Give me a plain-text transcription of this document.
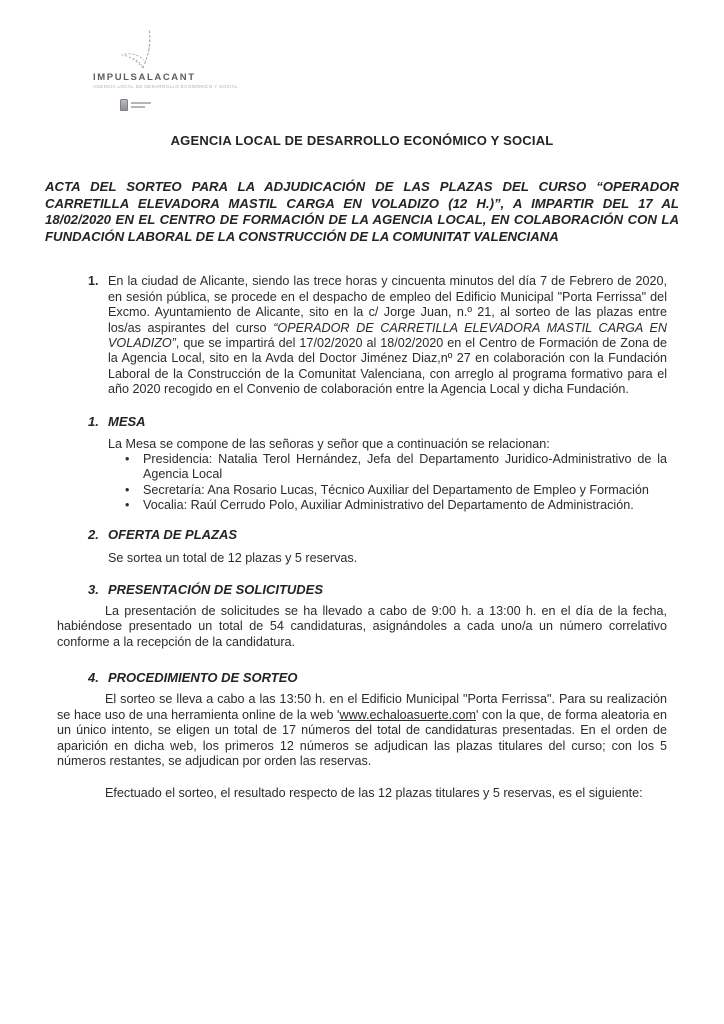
IMPULSALACANT
AGENCIA LOCAL DE DESARROLLO ECONÓMICO Y SOCIAL
AGENCIA LOCAL DE DESARROLLO ECONÓMICO Y SOCIAL

ACTA DEL SORTEO PARA LA ADJUDICACIÓN DE LAS PLAZAS DEL CURSO “OPERADOR CARRETILLA ELEVADORA MASTIL CARGA EN VOLADIZO (12 H.)”, A IMPARTIR DEL 17 AL 18/02/2020 EN EL CENTRO DE FORMACIÓN DE LA AGENCIA LOCAL, EN COLABORACIÓN CON LA FUNDACIÓN LABORAL DE LA CONSTRUCCIÓN DE LA COMUNITAT VALENCIANA

1. En la ciudad de Alicante, siendo las trece horas y cincuenta minutos del día 7 de Febrero de 2020, en sesión pública, se procede en el despacho de empleo del Edificio Municipal "Porta Ferrissa" del Excmo. Ayuntamiento de Alicante, sito en la c/ Jorge Juan, n.º 21, al sorteo de las plazas entre los/as aspirantes del curso “OPERADOR DE CARRETILLA ELEVADORA MASTIL CARGA EN VOLADIZO”, que se impartirá del 17/02/2020 al 18/02/2020 en el Centro de Formación de Zona de la Agencia Local, sito en la Avda del Doctor Jiménez Diaz,nº 27 en colaboración con la Fundación Laboral de la Construcción de la Comunitat Valenciana, con arreglo al programa formativo para el año 2020 recogido en el Convenio de colaboración entre la Agencia Local y dicha Fundación.
1. MESA

La Mesa se compone de las señoras y señor que a continuación se relacionan:

•	Presidencia: Natalia Terol Hernández, Jefa del Departamento Juridico-Administrativo de la Agencia Local
•	Secretaría: Ana Rosario Lucas, Técnico Auxiliar del Departamento de Empleo y Formación
•	Vocalia: Raúl Cerrudo Polo, Auxiliar Administrativo del Departamento de Administración.
2. OFERTA DE PLAZAS

Se sortea un total de 12 plazas y 5 reservas.

3. PRESENTACIÓN DE SOLICITUDES

La presentación de solicitudes se ha llevado a cabo de 9:00 h. a 13:00 h. en el día de la fecha, habiéndose presentado un total de 54 candidaturas, asignándoles a cada uno/a un número correlativo conforme a la recepción de la candidatura.

4. PROCEDIMIENTO DE SORTEO

El sorteo se lleva a cabo a las 13:50 h. en el Edificio Municipal "Porta Ferrissa". Para su realización se hace uso de una herramienta online de la web 'www.echaloasuerte.com' con la que, de forma aleatoria en un único intento, se eligen un total de 17 números del total de candidaturas presentadas. En el orden de aparición en dicha web, los primeros 12 números se adjudican las plazas titulares del curso; con los 5 números restantes, se adjudican por orden las reservas.

Efectuado el sorteo, el resultado respecto de las 12 plazas titulares y 5 reservas, es el siguiente:
